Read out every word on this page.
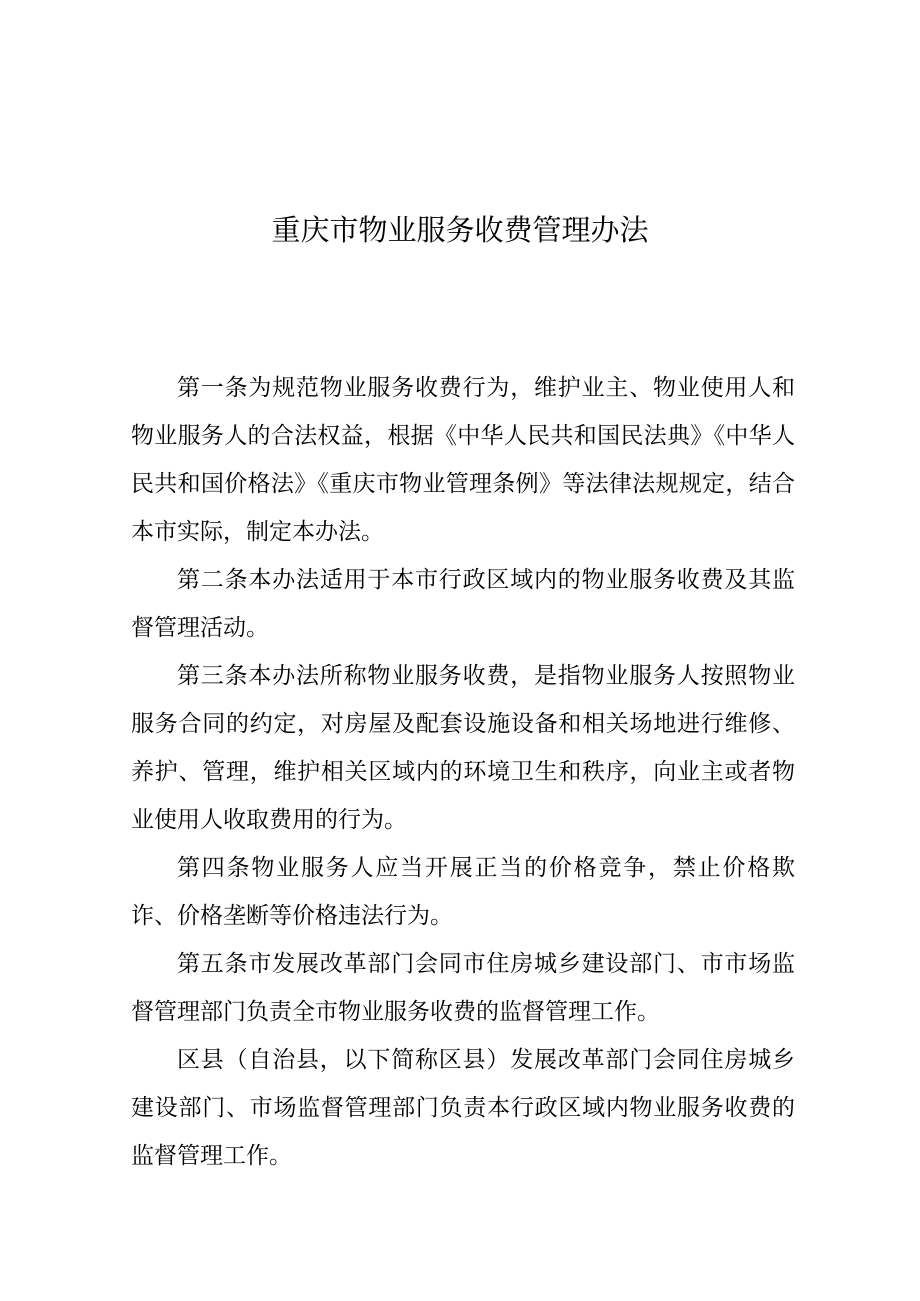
重庆市物业服务收费管理办法

第一条为规范物业服务收费行为，维护业主、物业使用人和物业服务人的合法权益，根据《中华人民共和国民法典》《中华人民共和国价格法》《重庆市物业管理条例》等法律法规规定，结合本市实际，制定本办法。

第二条本办法适用于本市行政区域内的物业服务收费及其监督管理活动。

第三条本办法所称物业服务收费，是指物业服务人按照物业服务合同的约定，对房屋及配套设施设备和相关场地进行维修、养护、管理，维护相关区域内的环境卫生和秩序，向业主或者物业使用人收取费用的行为。

第四条物业服务人应当开展正当的价格竞争，禁止价格欺诈、价格垄断等价格违法行为。

第五条市发展改革部门会同市住房城乡建设部门、市市场监督管理部门负责全市物业服务收费的监督管理工作。

区县（自治县，以下简称区县）发展改革部门会同住房城乡建设部门、市场监督管理部门负责本行政区域内物业服务收费的监督管理工作。
